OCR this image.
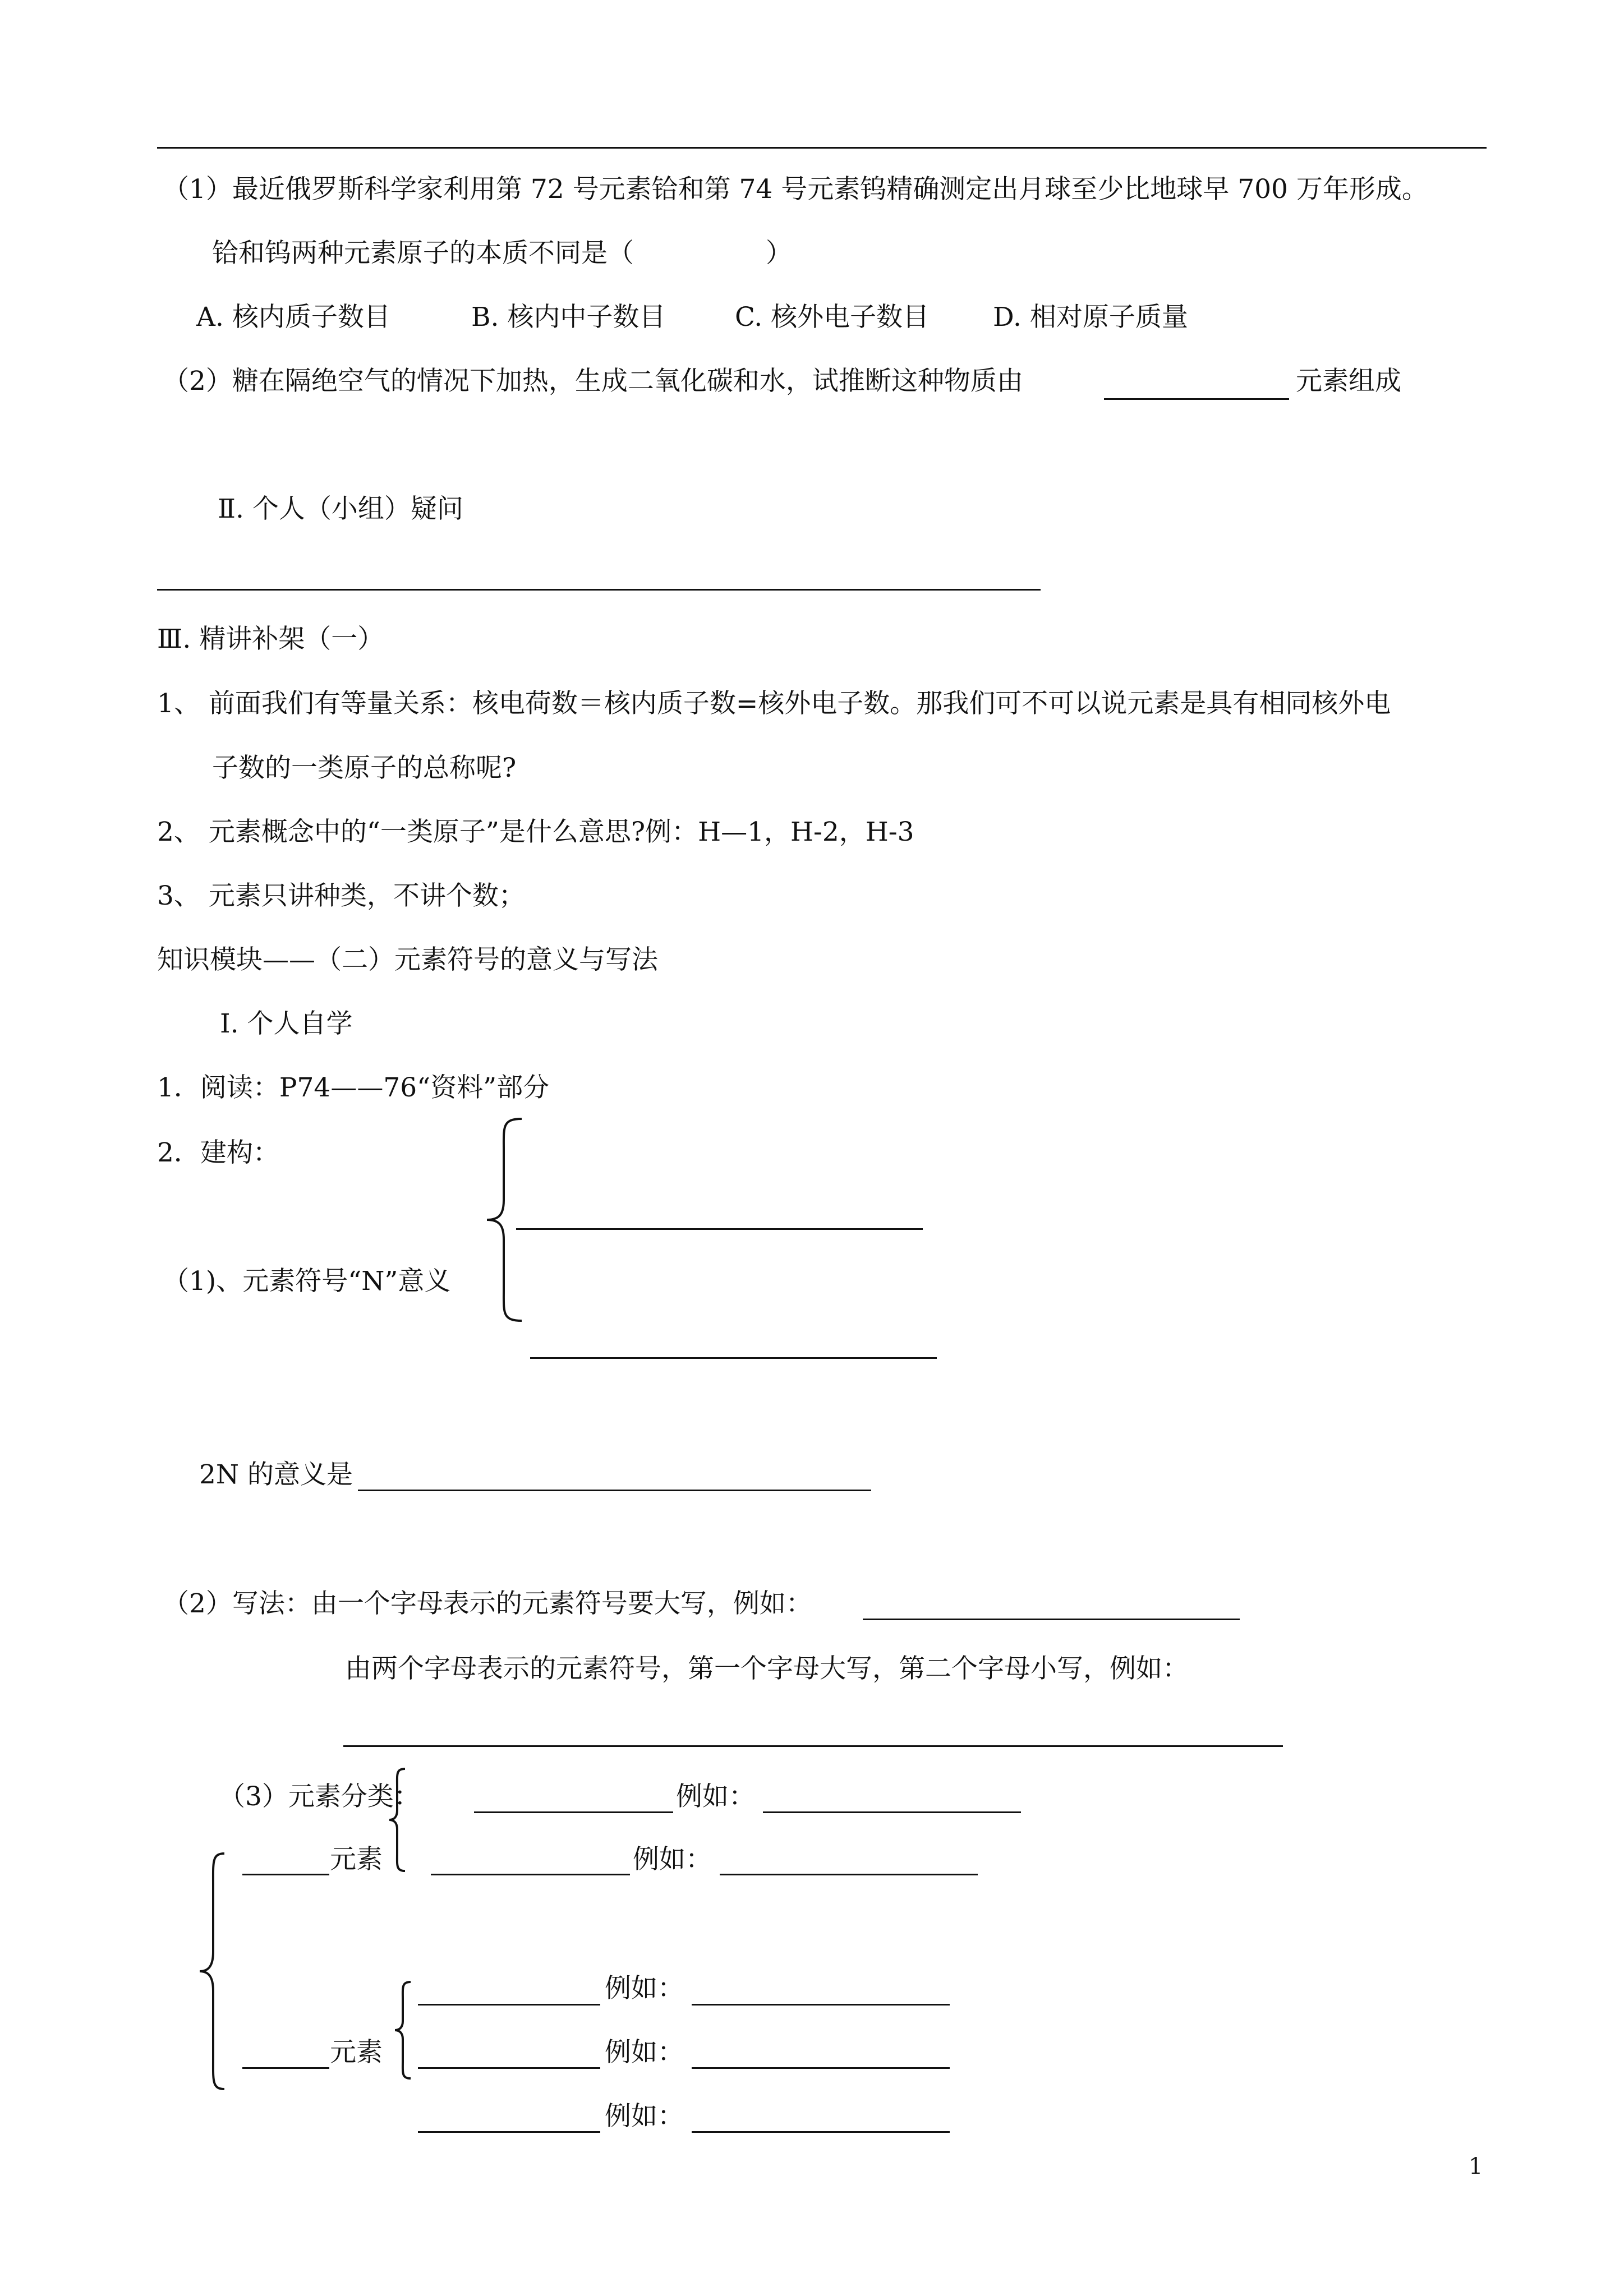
（1）最近俄罗斯科学家利用第 72 号元素铪和第 74 号元素钨精确测定出月球至少比地球早 700 万年形成。
铪和钨两种元素原子的本质不同是（　　　　　）
A. 核内质子数目	B. 核内中子数目	C. 核外电子数目 D. 相对原子质量
（2）糖在隔绝空气的情况下加热，生成二氧化碳和水，试推断这种物质由	元素组成
Ⅱ. 个人（小组）疑问
Ⅲ. 精讲补架（一）
1、 前面我们有等量关系：核电荷数＝核内质子数=核外电子数。那我们可不可以说元素是具有相同核外电
子数的一类原子的总称呢?
2、 元素概念中的“一类原子”是什么意思?例：H—1，H-2，H-3
3、 元素只讲种类，不讲个数；
知识模块——（二）元素符号的意义与写法
Ⅰ. 个人自学
1．阅读：P74——76“资料”部分
2．建构：
（1)、元素符号“N”意义
2N 的意义是
（2）写法：由一个字母表示的元素符号要大写，例如：
由两个字母表示的元素符号，第一个字母大写，第二个字母小写，例如：
（3）元素分类：	例如：
元素	例如：
例如：
元素	例如：
例如：
1
